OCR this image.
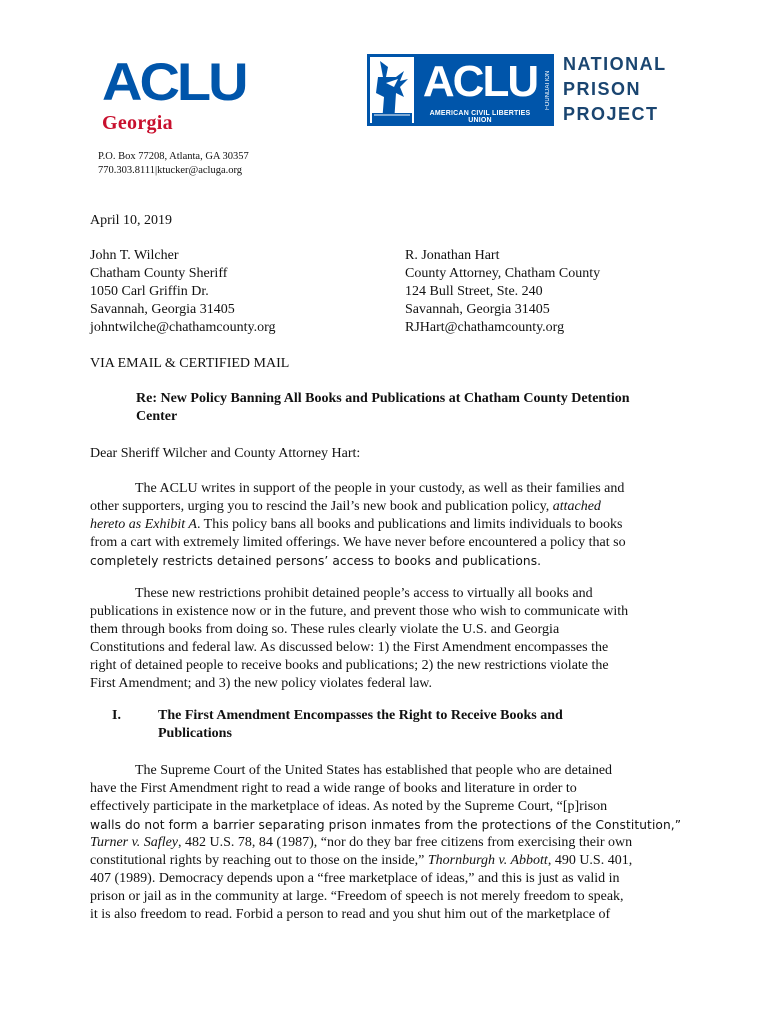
ACLU
Georgia
P.O. Box 77208, Atlanta, GA 30357
770.303.8111|ktucker@acluga.org
ACLU
AMERICAN CIVIL LIBERTIES UNION
FOUNDATION
NATIONAL
PRISON
PROJECT
April 10, 2019
John T. Wilcher
Chatham County Sheriff
1050 Carl Griffin Dr.
Savannah, Georgia 31405
johntwilche@chathamcounty.org
R. Jonathan Hart
County Attorney, Chatham County
124 Bull Street, Ste. 240
Savannah, Georgia 31405
RJHart@chathamcounty.org
VIA EMAIL & CERTIFIED MAIL
Re: New Policy Banning All Books and Publications at Chatham County Detention
Center
Dear Sheriff Wilcher and County Attorney Hart:
The ACLU writes in support of the people in your custody, as well as their families and
other supporters, urging you to rescind the Jail’s new book and publication policy, attached
hereto as Exhibit A. This policy bans all books and publications and limits individuals to books
from a cart with extremely limited offerings. We have never before encountered a policy that so
completely restricts detained persons’ access to books and publications.
These new restrictions prohibit detained people’s access to virtually all books and
publications in existence now or in the future, and prevent those who wish to communicate with
them through books from doing so. These rules clearly violate the U.S. and Georgia
Constitutions and federal law. As discussed below: 1) the First Amendment encompasses the
right of detained people to receive books and publications; 2) the new restrictions violate the
First Amendment; and 3) the new policy violates federal law.
I.	The First Amendment Encompasses the Right to Receive Books and
Publications
The Supreme Court of the United States has established that people who are detained
have the First Amendment right to read a wide range of books and literature in order to
effectively participate in the marketplace of ideas. As noted by the Supreme Court, “[p]rison
walls do not form a barrier separating prison inmates from the protections of the Constitution,”
Turner v. Safley, 482 U.S. 78, 84 (1987), “nor do they bar free citizens from exercising their own
constitutional rights by reaching out to those on the inside,” Thornburgh v. Abbott, 490 U.S. 401,
407 (1989). Democracy depends upon a “free marketplace of ideas,” and this is just as valid in
prison or jail as in the community at large. “Freedom of speech is not merely freedom to speak,
it is also freedom to read. Forbid a person to read and you shut him out of the marketplace of
